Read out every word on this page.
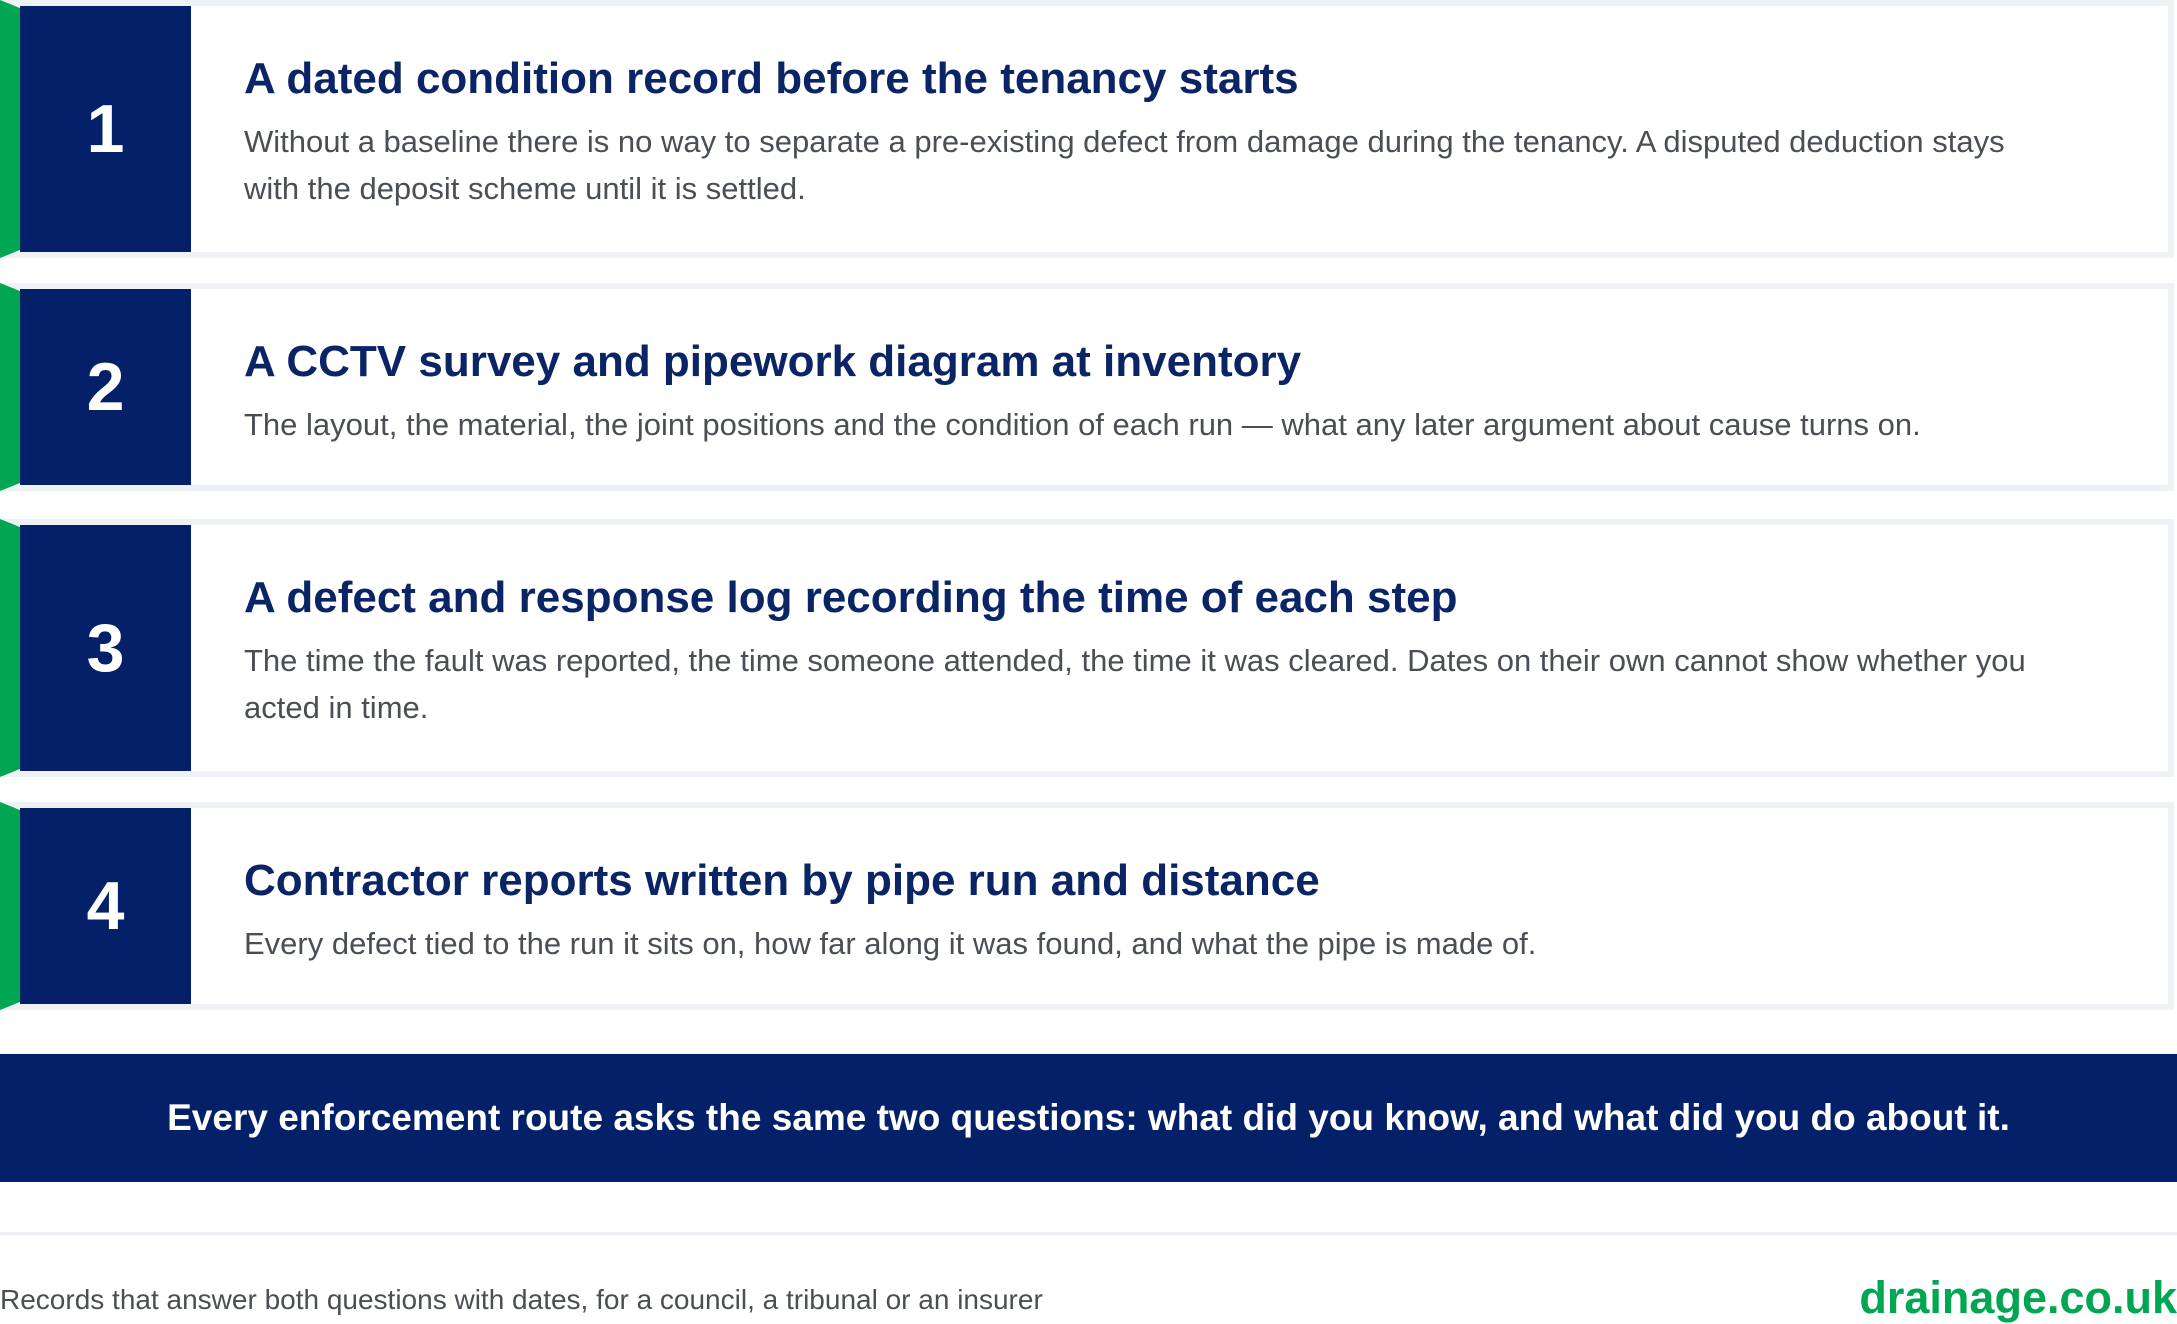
1
A dated condition record before the tenancy starts

Without a baseline there is no way to separate a pre-existing defect from damage during the tenancy. A disputed deduction stays with the deposit scheme until it is settled.

2	A CCTV survey and pipework diagram at inventory

The layout, the material, the joint positions and the condition of each run — what any later argument about cause turns on.

3
A defect and response log recording the time of each step

The time the fault was reported, the time someone attended, the time it was cleared. Dates on their own cannot show whether you acted in time.

4	Contractor reports written by pipe run and distance

Every defect tied to the run it sits on, how far along it was found, and what the pipe is made of.

Every enforcement route asks the same two questions: what did you know, and what did you do about it.
Records that answer both questions with dates, for a council, a tribunal or an insurer	drainage.co.uk
